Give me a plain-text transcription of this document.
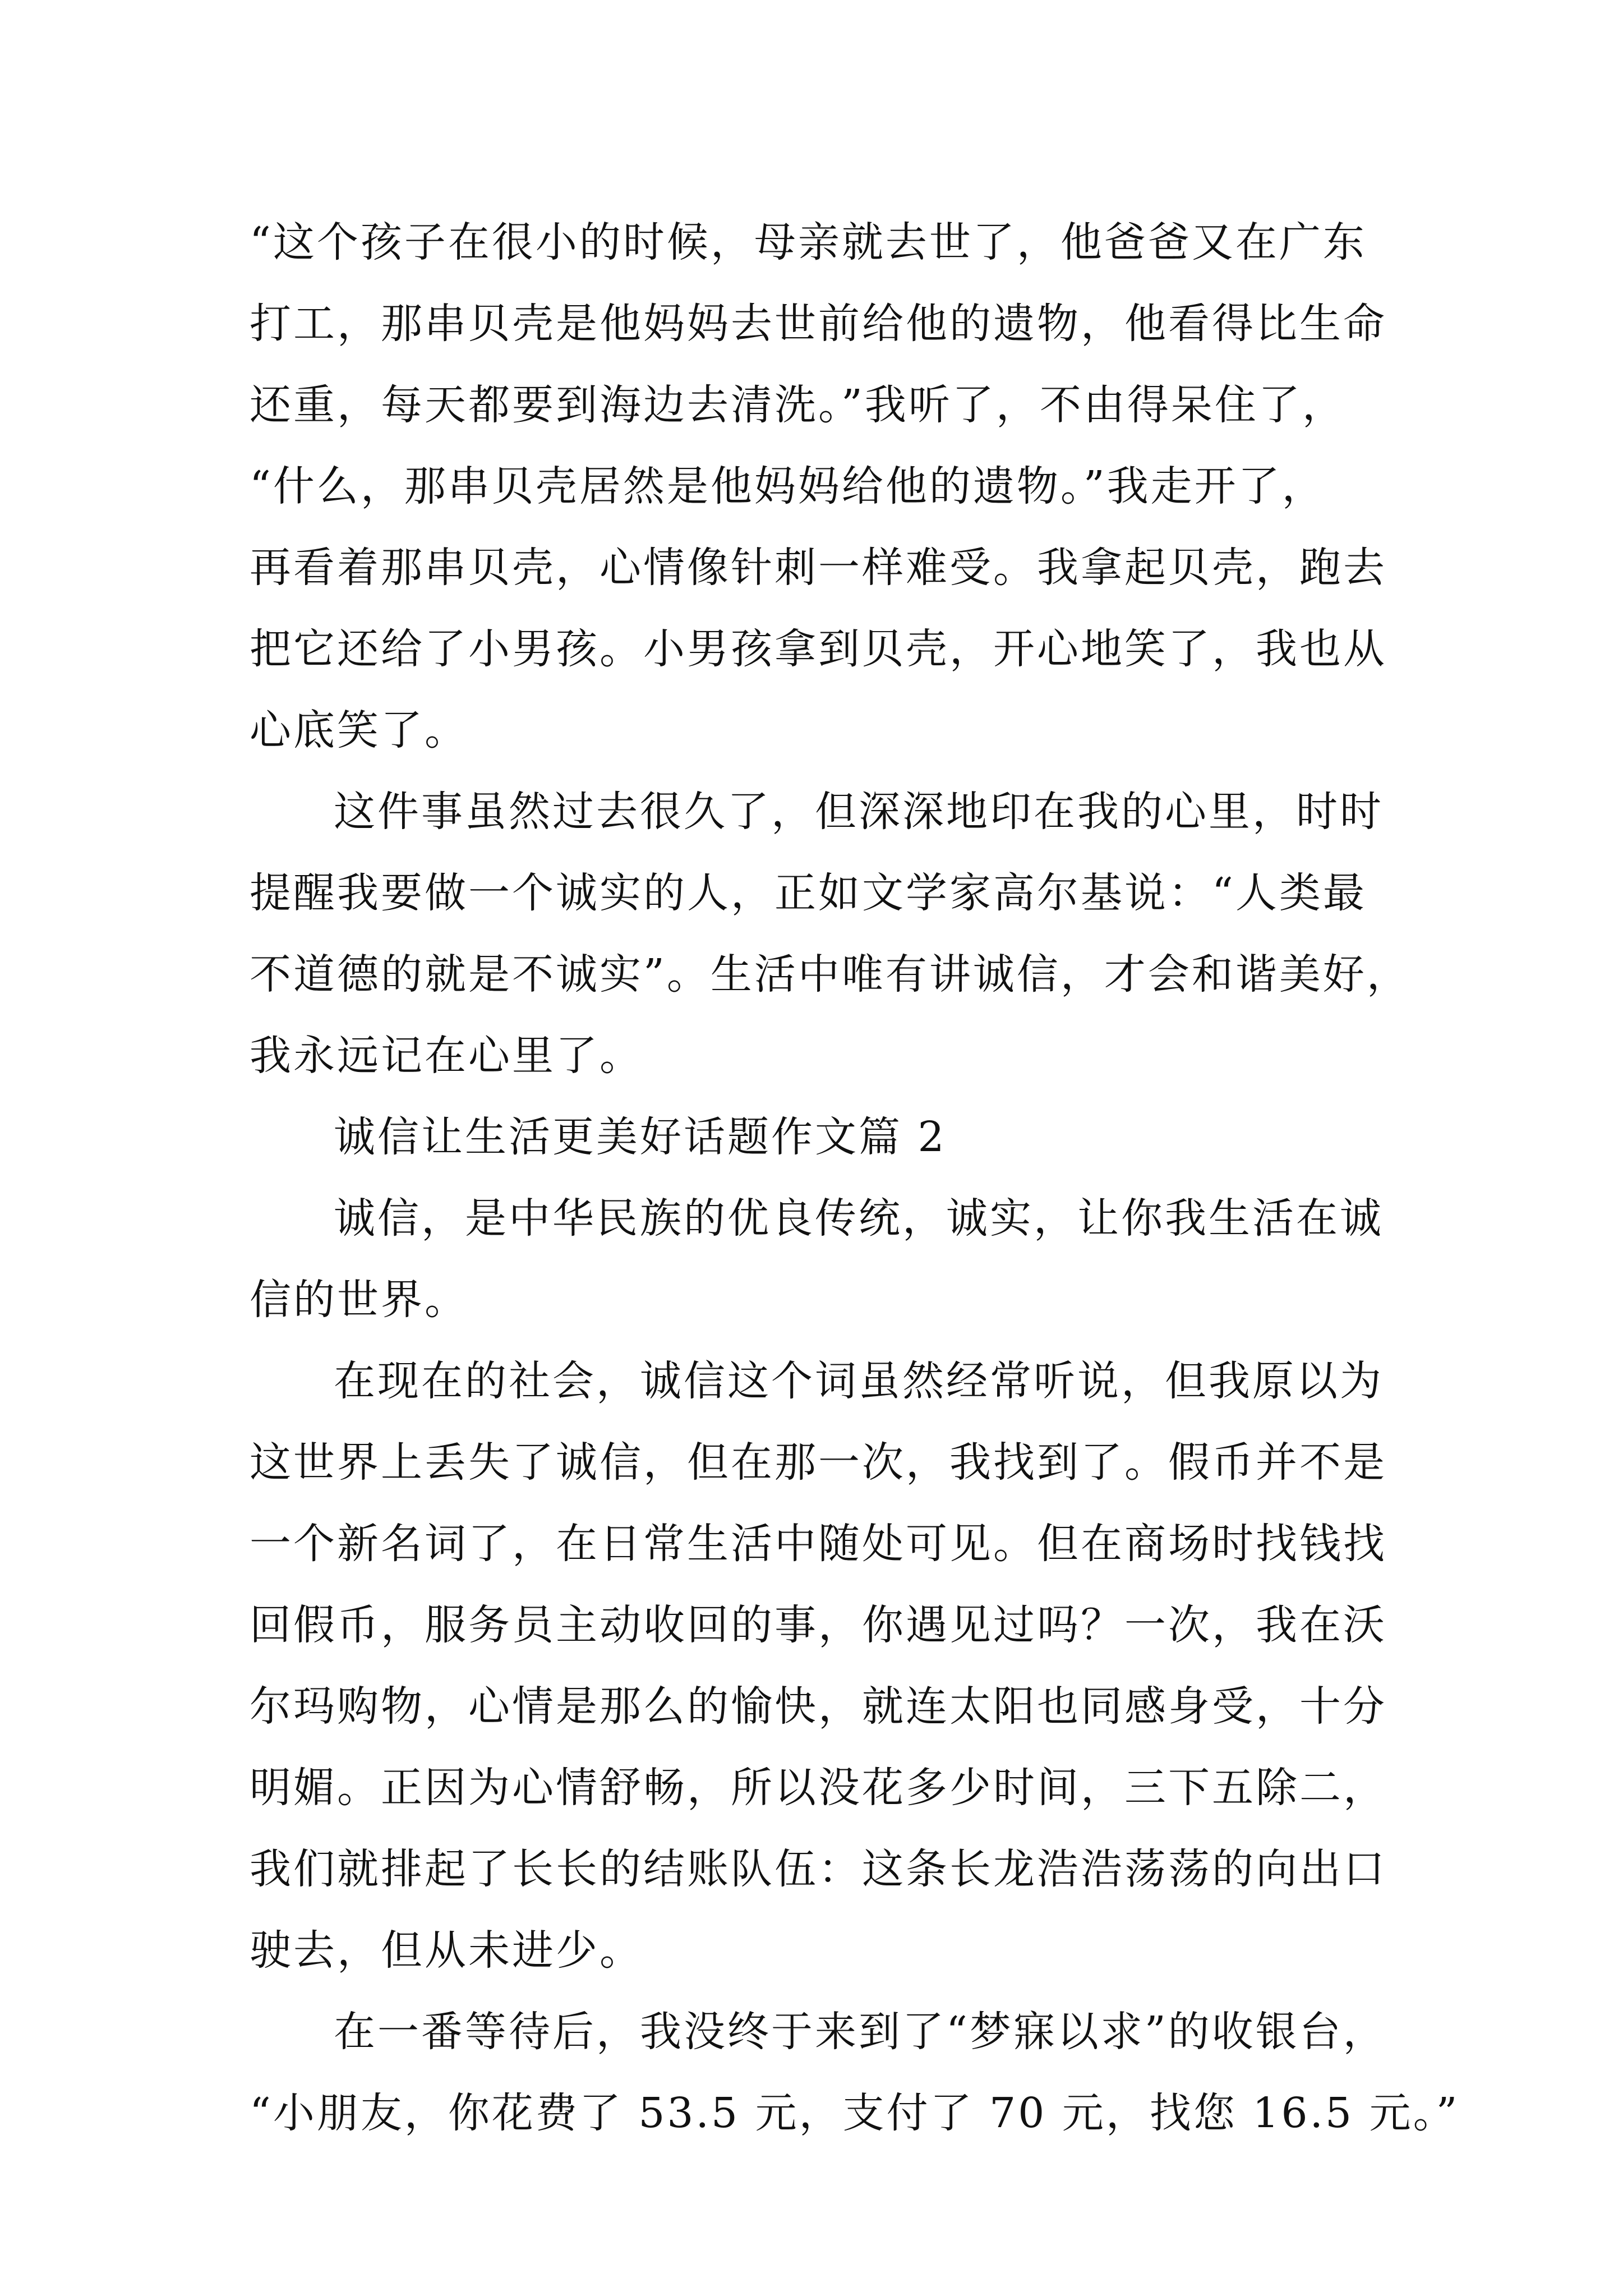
“这个孩子在很小的时候，母亲就去世了，他爸爸又在广东
打工，那串贝壳是他妈妈去世前给他的遗物，他看得比生命
还重，每天都要到海边去清洗。”我听了，不由得呆住了，
“什么，那串贝壳居然是他妈妈给他的遗物。”我走开了，
再看着那串贝壳，心情像针刺一样难受。我拿起贝壳，跑去
把它还给了小男孩。小男孩拿到贝壳，开心地笑了，我也从
心底笑了。
这件事虽然过去很久了，但深深地印在我的心里，时时
提醒我要做一个诚实的人，正如文学家高尔基说：“人类最
不道德的就是不诚实”。生活中唯有讲诚信，才会和谐美好，
我永远记在心里了。
诚信让生活更美好话题作文篇 2
诚信，是中华民族的优良传统，诚实，让你我生活在诚
信的世界。
在现在的社会，诚信这个词虽然经常听说，但我原以为
这世界上丢失了诚信，但在那一次，我找到了。假币并不是
一个新名词了，在日常生活中随处可见。但在商场时找钱找
回假币，服务员主动收回的事，你遇见过吗？一次，我在沃
尔玛购物，心情是那么的愉快，就连太阳也同感身受，十分
明媚。正因为心情舒畅，所以没花多少时间，三下五除二，
我们就排起了长长的结账队伍：这条长龙浩浩荡荡的向出口
驶去，但从未进少。
在一番等待后，我没终于来到了“梦寐以求”的收银台，
“小朋友，你花费了 53.5 元，支付了 70 元，找您 16.5 元。”
